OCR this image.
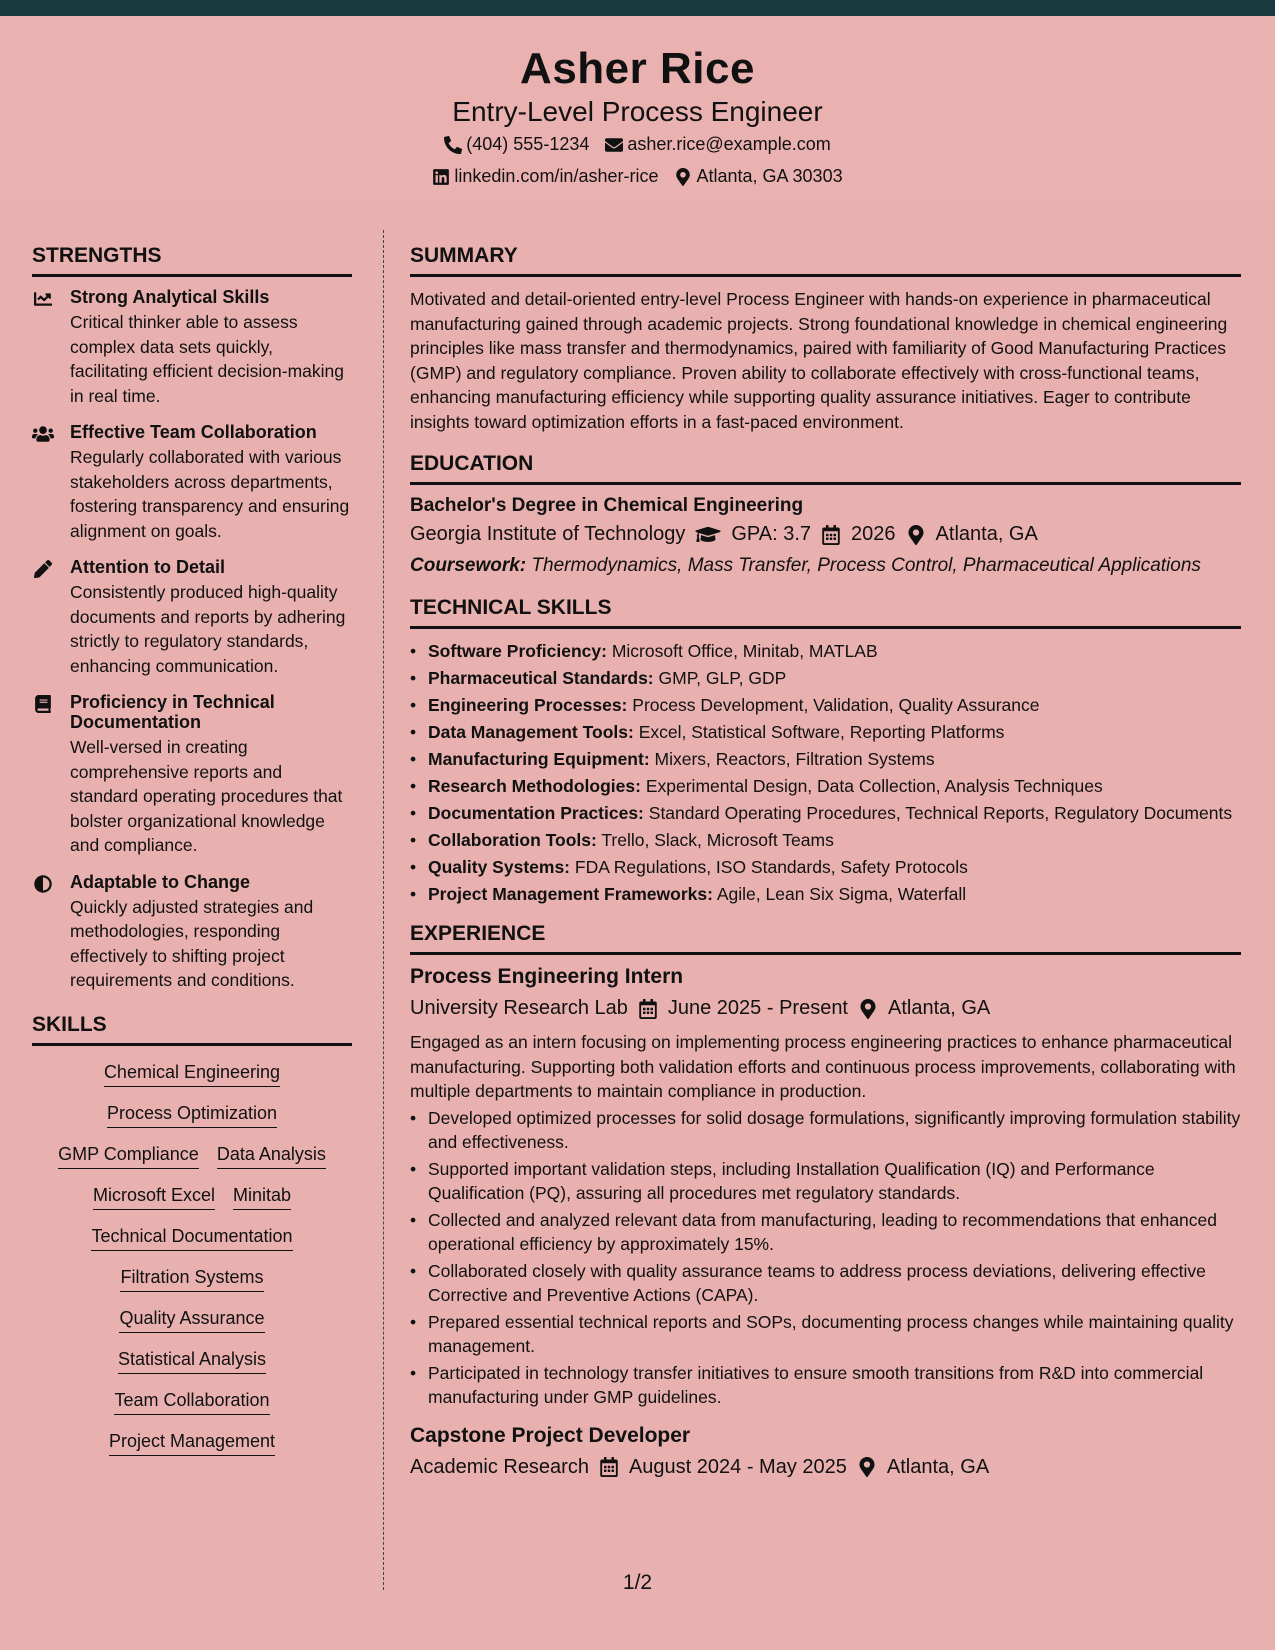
Asher Rice
Entry-Level Process Engineer
(404) 555-1234 asher.rice@example.com
linkedin.com/in/asher-rice Atlanta, GA 30303
STRENGTHS
Strong Analytical Skills
Critical thinker able to assess complex data sets quickly, facilitating efficient decision-making in real time.
Effective Team Collaboration
Regularly collaborated with various stakeholders across departments, fostering transparency and ensuring alignment on goals.
Attention to Detail
Consistently produced high-quality documents and reports by adhering strictly to regulatory standards, enhancing communication.
Proficiency in Technical Documentation
Well-versed in creating comprehensive reports and standard operating procedures that bolster organizational knowledge and compliance.
Adaptable to Change
Quickly adjusted strategies and methodologies, responding effectively to shifting project requirements and conditions.
SKILLS
Chemical Engineering
Process Optimization
GMP Compliance Data Analysis
Microsoft Excel Minitab
Technical Documentation
Filtration Systems
Quality Assurance
Statistical Analysis
Team Collaboration
Project Management
SUMMARY
Motivated and detail-oriented entry-level Process Engineer with hands-on experience in pharmaceutical manufacturing gained through academic projects. Strong foundational knowledge in chemical engineering principles like mass transfer and thermodynamics, paired with familiarity of Good Manufacturing Practices (GMP) and regulatory compliance. Proven ability to collaborate effectively with cross-functional teams, enhancing manufacturing efficiency while supporting quality assurance initiatives. Eager to contribute insights toward optimization efforts in a fast-paced environment.
EDUCATION
Bachelor's Degree in Chemical Engineering
Georgia Institute of Technology GPA: 3.7 2026 Atlanta, GA
Coursework: Thermodynamics, Mass Transfer, Process Control, Pharmaceutical Applications
TECHNICAL SKILLS
• Software Proficiency: Microsoft Office, Minitab, MATLAB
• Pharmaceutical Standards: GMP, GLP, GDP
• Engineering Processes: Process Development, Validation, Quality Assurance
• Data Management Tools: Excel, Statistical Software, Reporting Platforms
• Manufacturing Equipment: Mixers, Reactors, Filtration Systems
• Research Methodologies: Experimental Design, Data Collection, Analysis Techniques
• Documentation Practices: Standard Operating Procedures, Technical Reports, Regulatory Documents
• Collaboration Tools: Trello, Slack, Microsoft Teams
• Quality Systems: FDA Regulations, ISO Standards, Safety Protocols
• Project Management Frameworks: Agile, Lean Six Sigma, Waterfall
EXPERIENCE
Process Engineering Intern
University Research Lab June 2025 - Present Atlanta, GA
Engaged as an intern focusing on implementing process engineering practices to enhance pharmaceutical manufacturing. Supporting both validation efforts and continuous process improvements, collaborating with multiple departments to maintain compliance in production.
• Developed optimized processes for solid dosage formulations, significantly improving formulation stability and effectiveness.
• Supported important validation steps, including Installation Qualification (IQ) and Performance Qualification (PQ), assuring all procedures met regulatory standards.
• Collected and analyzed relevant data from manufacturing, leading to recommendations that enhanced operational efficiency by approximately 15%.
• Collaborated closely with quality assurance teams to address process deviations, delivering effective Corrective and Preventive Actions (CAPA).
• Prepared essential technical reports and SOPs, documenting process changes while maintaining quality management.
• Participated in technology transfer initiatives to ensure smooth transitions from R&D into commercial manufacturing under GMP guidelines.
Capstone Project Developer
Academic Research August 2024 - May 2025 Atlanta, GA
1/2
